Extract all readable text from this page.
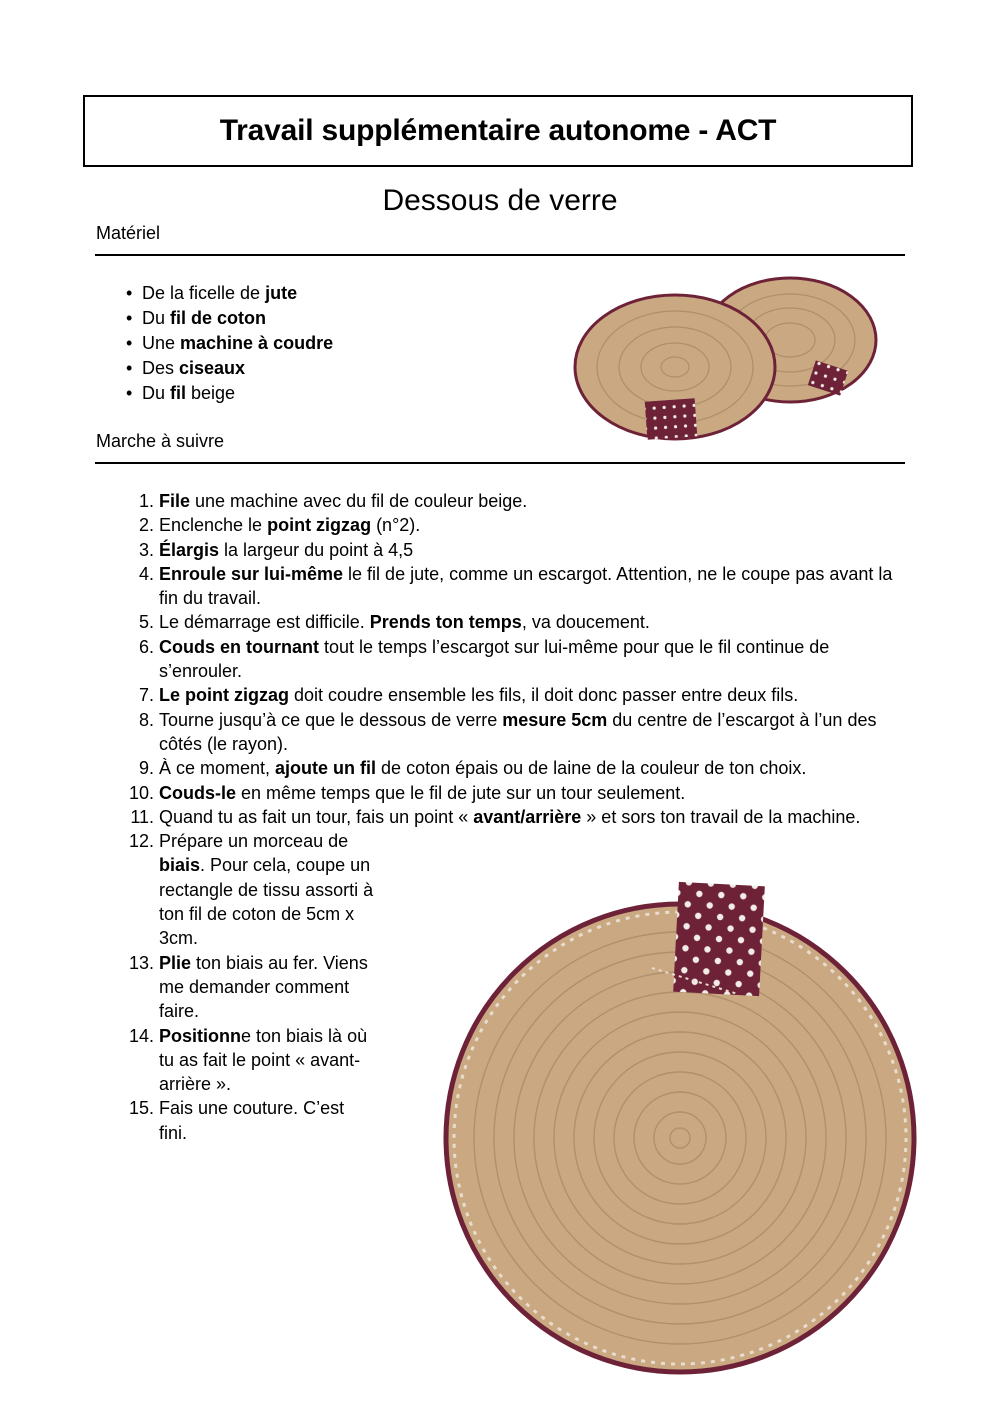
Travail supplémentaire autonome - ACT
Dessous de verre
Matériel
• De la ficelle de jute
• Du fil de coton
• Une machine à coudre
• Des ciseaux
• Du fil beige
Marche à suivre
1. File une machine avec du fil de couleur beige.
2. Enclenche le point zigzag (n°2).
3. Élargis la largeur du point à 4,5
4. Enroule sur lui-même le fil de jute, comme un escargot. Attention, ne le coupe pas avant la fin du travail.
5. Le démarrage est difficile. Prends ton temps, va doucement.
6. Couds en tournant tout le temps l’escargot sur lui-même pour que le fil continue de s’enrouler.
7. Le point zigzag doit coudre ensemble les fils, il doit donc passer entre deux fils.
8. Tourne jusqu’à ce que le dessous de verre mesure 5cm du centre de l’escargot à l’un des côtés (le rayon).
9. À ce moment, ajoute un fil de coton épais ou de laine de la couleur de ton choix.
10. Couds-le en même temps que le fil de jute sur un tour seulement.
11. Quand tu as fait un tour, fais un point « avant/arrière » et sors ton travail de la machine.
12. Prépare un morceau de biais. Pour cela, coupe un rectangle de tissu assorti à ton fil de coton de 5cm x 3cm.
13. Plie ton biais au fer. Viens me demander comment faire.
14. Positionne ton biais là où tu as fait le point « avant-arrière ».
15. Fais une couture. C’est fini.
